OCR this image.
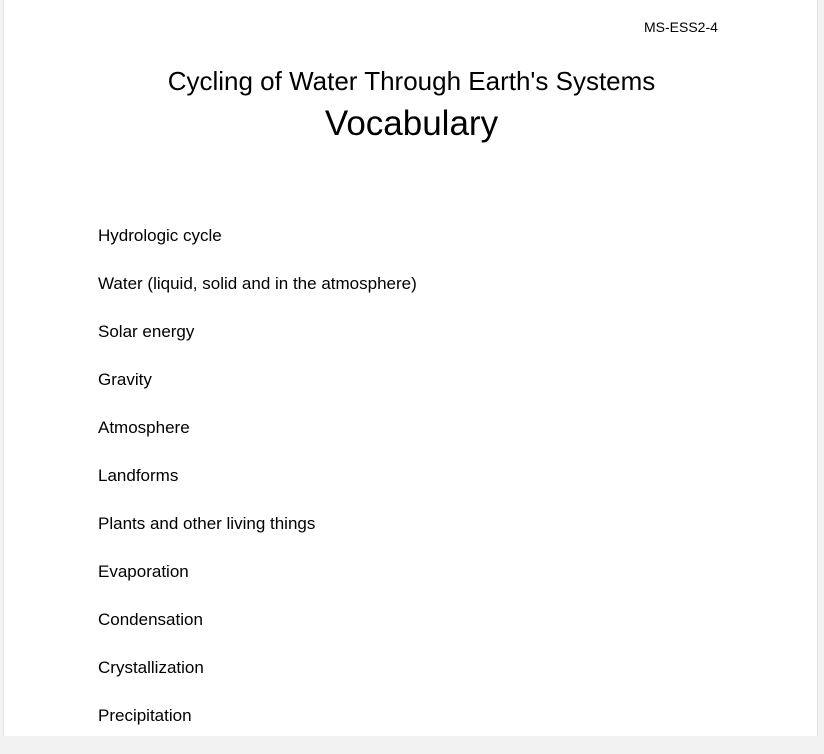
MS-ESS2-4
Cycling of Water Through Earth's Systems
Vocabulary
Hydrologic cycle
Water (liquid, solid and in the atmosphere)
Solar energy
Gravity
Atmosphere
Landforms
Plants and other living things
Evaporation
Condensation
Crystallization
Precipitation
